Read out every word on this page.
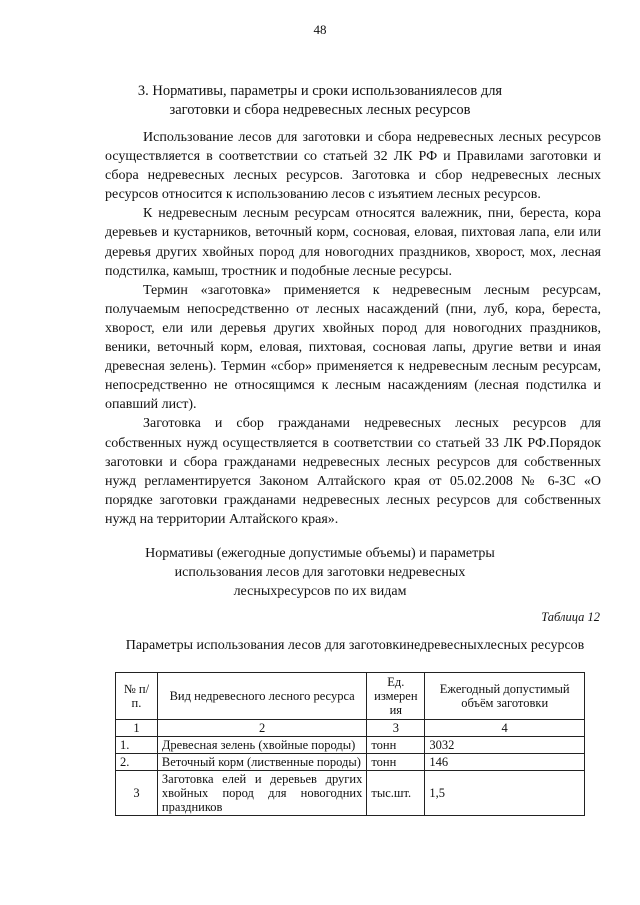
48
3. Нормативы, параметры и сроки использованиялесов для
заготовки и сбора недревесных лесных ресурсов

Использование лесов для заготовки и сбора недревесных лесных ресурсов осуществляется в соответствии со статьей 32 ЛК РФ и Правилами заготовки и сбора недревесных лесных ресурсов. Заготовка и сбор недревесных лесных ресурсов относится к использованию лесов с изъятием лесных ресурсов.

К недревесным лесным ресурсам относятся валежник, пни, береста, кора деревьев и кустарников, веточный корм, сосновая, еловая, пихтовая лапа, ели или деревья других хвойных пород для новогодних праздников, хворост, мох, лесная подстилка, камыш, тростник и подобные лесные ресурсы.

Термин «заготовка» применяется к недревесным лесным ресурсам, получаемым непосредственно от лесных насаждений (пни, луб, кора, береста, хворост, ели или деревья других хвойных пород для новогодних праздников, веники, веточный корм, еловая, пихтовая, сосновая лапы, другие ветви и иная древесная зелень). Термин «сбор» применяется к недревесным лесным ресурсам, непосредственно не относящимся к лесным насаждениям (лесная подстилка и опавший лист).

Заготовка и сбор гражданами недревесных лесных ресурсов для собственных нужд осуществляется в соответствии со статьей 33 ЛК РФ.Порядок заготовки и сбора гражданами недревесных лесных ресурсов для собственных нужд регламентируется Законом Алтайского края от 05.02.2008 № 6-ЗС «О порядке заготовки гражданами недревесных лесных ресурсов для собственных нужд на территории Алтайского края».

Нормативы (ежегодные допустимые объемы) и параметры
использования лесов для заготовки недревесных
лесныхресурсов по их видам
Таблица 12
Параметры использования лесов для заготовкинедревесныхлесных ресурсов
№ п/п.	Вид недревесного лесного ресурса	Ед. измерен ия	Ежегодный допустимый объём заготовки
1	2	3	4
1.	Древесная зелень (хвойные породы)	тонн	3032
2.	Веточный корм (лиственные породы)	тонн	146
3	Заготовка елей и деревьев других хвойных пород для новогодних праздников	тыс.шт.	1,5
